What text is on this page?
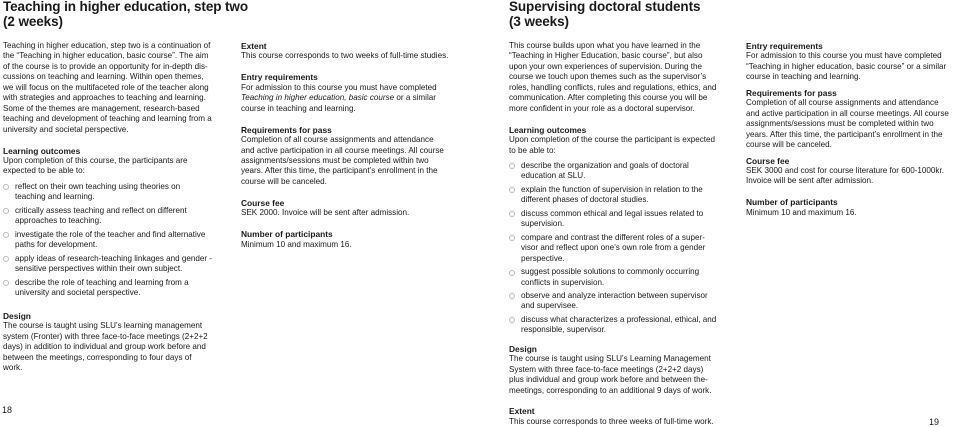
Teaching in higher education, step two
(2 weeks)

Teaching in higher education, step two is a continuation of

the “Teaching in higher education, basic course”. The aim

of the course is to provide an opportunity for in-depth dis-

cussions on teaching and learning. Within open themes,

we will focus on the multifaceted role of the teacher along

with strategies and approaches to teaching and learning.

Some of the themes are management, research-based

teaching and development of teaching and learning from a

university and societal perspective.

Learning outcomes

Upon completion of this course, the participants are

expected to be able to:

reflect on their own teaching using theories on

teaching and learning.

critically assess teaching and reflect on different

approaches to teaching.

investigate the role of the teacher and find alternative

paths for development.

apply ideas of research-teaching linkages and gender -

sensitive perspectives within their own subject.

describe the role of teaching and learning from a

university and societal perspective.

Design

The course is taught using SLU’s learning management

system (Fronter) with three face-to-face meetings (2+2+2

days) in addition to individual and group work before and

between the meetings, corresponding to four days of

work.

Extent

This course corresponds to two weeks of full-time studies.

Entry requirements

For admission to this course you must have completed

Teaching in higher education, basic course or a similar

course in teaching and learning.

Requirements for pass

Completion of all course assignments and attendance

and active participation in all course meetings. All course

assignments/sessions must be completed within two

years. After this time, the participant’s enrollment in the

course will be canceled.

Course fee

SEK 2000. Invoice will be sent after admission.

Number of participants

Minimum 10 and maximum 16.

18
Supervising doctoral students
(3 weeks)

This course builds upon what you have learned in the

“Teaching in Higher Education, basic course”, but also

upon your own experiences of supervision. During the

course we touch upon themes such as the supervisor’s

roles, handling conflicts, rules and regulations, ethics, and

communication. After completing this course you will be

more confident in your role as a doctoral supervisor.

Learning outcomes

Upon completion of the course the participant is expected

to be able to:

describe the organization and goals of doctoral

education at SLU.

explain the function of supervision in relation to the

different phases of doctoral studies.

discuss common ethical and legal issues related to

supervision.

compare and contrast the different roles of a super-

visor and reflect upon one’s own role from a gender

perspective.

suggest possible solutions to commonly occurring

conflicts in supervision.

observe and analyze interaction between supervisor

and supervisee.

discuss what characterizes a professional, ethical, and

responsible, supervisor.

Design

The course is taught using SLU’s Learning Management

System with three face-to-face meetings (2+2+2 days)

plus individual and group work before and between the-

meetings, corresponding to an additional 9 days of work.

Extent

This course corresponds to three weeks of full-time work.

Entry requirements

For admission to this course you must have completed

“Teaching in higher education, basic course” or a similar

course in teaching and learning.

Requirements for pass

Completion of all course assignments and attendance

and active participation in all course meetings. All course

assignments/sessions must be completed within two

years. After this time, the participant’s enrollment in the

course will be canceled.

Course fee

SEK 3000 and cost for course literature for 600-1000kr.

Invoice will be sent after admission.

Number of participants

Minimum 10 and maximum 16.

19
